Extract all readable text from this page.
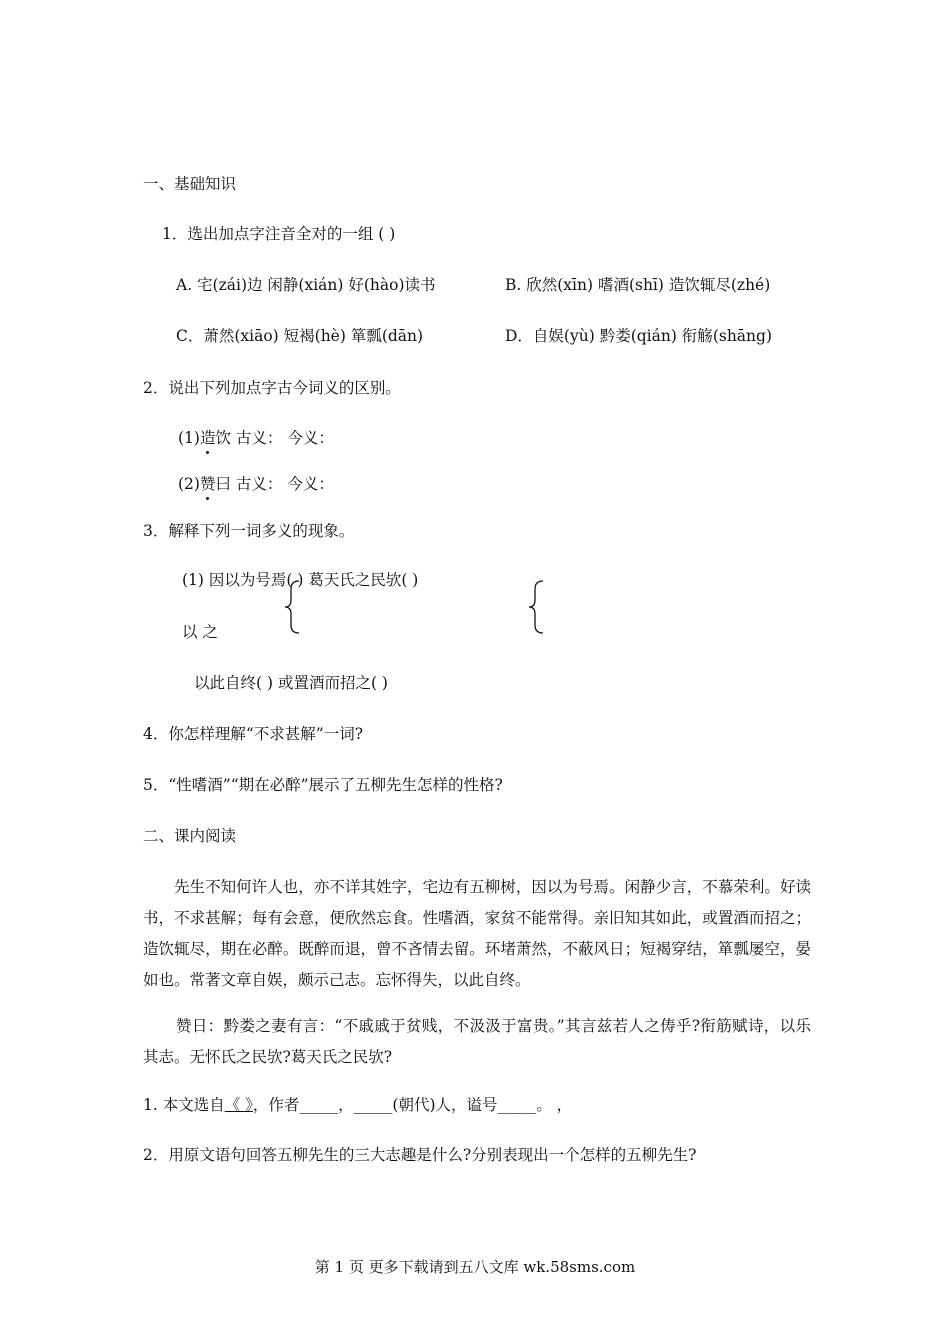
一、基础知识
1．选出加点字注音全对的一组 ( )
A. 宅(zái)边 闲静(xián) 好(hào)读书	B. 欣然(xīn) 嗜酒(shī) 造饮辄尽(zhé)
C．萧然(xiāo) 短褐(hè) 箪瓢(dān)	D．自娱(yù) 黔娄(qián) 衔觞(shāng)
2．说出下列加点字古今词义的区别。
(1)造饮 古义： 今义：
(2)赞曰 古义： 今义：
3．解释下列一词多义的现象。
(1) 因以为号焉( ) 葛天氏之民欤( )
以 之
以此自终( ) 或置酒而招之( )
4．你怎样理解“不求甚解”一词?
5．“性嗜酒”“期在必醉”展示了五柳先生怎样的性格?
二、课内阅读
先生不知何许人也，亦不详其姓字，宅边有五柳树，因以为号焉。闲静少言，不慕荣利。好读书，不求甚解；每有会意，便欣然忘食。性嗜酒，家贫不能常得。亲旧知其如此，或置酒而招之；造饮辄尽，期在必醉。既醉而退，曾不吝情去留。环堵萧然，不蔽风日；短褐穿结，箪瓢屡空，晏如也。常著文章自娱，颇示己志。忘怀得失，以此自终。
赞日：黔娄之妻有言：“不戚戚于贫贱，不汲汲于富贵。”其言兹若人之俦乎?衔筋赋诗，以乐其志。无怀氏之民欤?葛天氏之民欤?
1. 本文选自《 》，作者_____，_____(朝代)人，谥号_____。 ，
2．用原文语句回答五柳先生的三大志趣是什么?分别表现出一个怎样的五柳先生?
第 1 页 更多下载请到五八文库 wk.58sms.com
